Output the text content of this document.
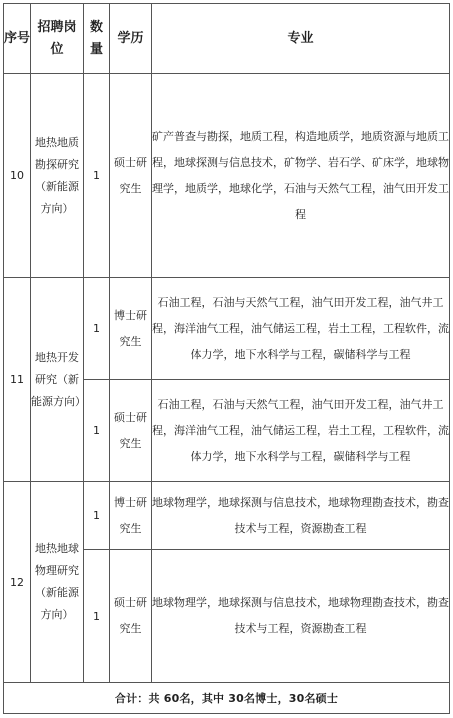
序号	招聘岗位	数量	学历	专业
10	地热地质勘探研究（新能源方向）	1	硕士研究生	矿产普查与勘探，地质工程，构造地质学，地质资源与地质工程，地球探测与信息技术，矿物学、岩石学、矿床学，地球物理学，地质学，地球化学，石油与天然气工程，油气田开发工程
11	地热开发研究（新能源方向）	1	博士研究生	石油工程，石油与天然气工程，油气田开发工程，油气井工程，海洋油气工程，油气储运工程，岩土工程，工程软件，流体力学，地下水科学与工程，碳储科学与工程
		1	硕士研究生	石油工程，石油与天然气工程，油气田开发工程，油气井工程，海洋油气工程，油气储运工程，岩土工程，工程软件，流体力学，地下水科学与工程，碳储科学与工程
12	地热地球物理研究（新能源方向）	1	博士研究生	地球物理学，地球探测与信息技术，地球物理勘查技术，勘查技术与工程，资源勘查工程
		1	硕士研究生	地球物理学，地球探测与信息技术，地球物理勘查技术，勘查技术与工程，资源勘查工程
合计：共 60名，其中 30名博士，30名硕士				
